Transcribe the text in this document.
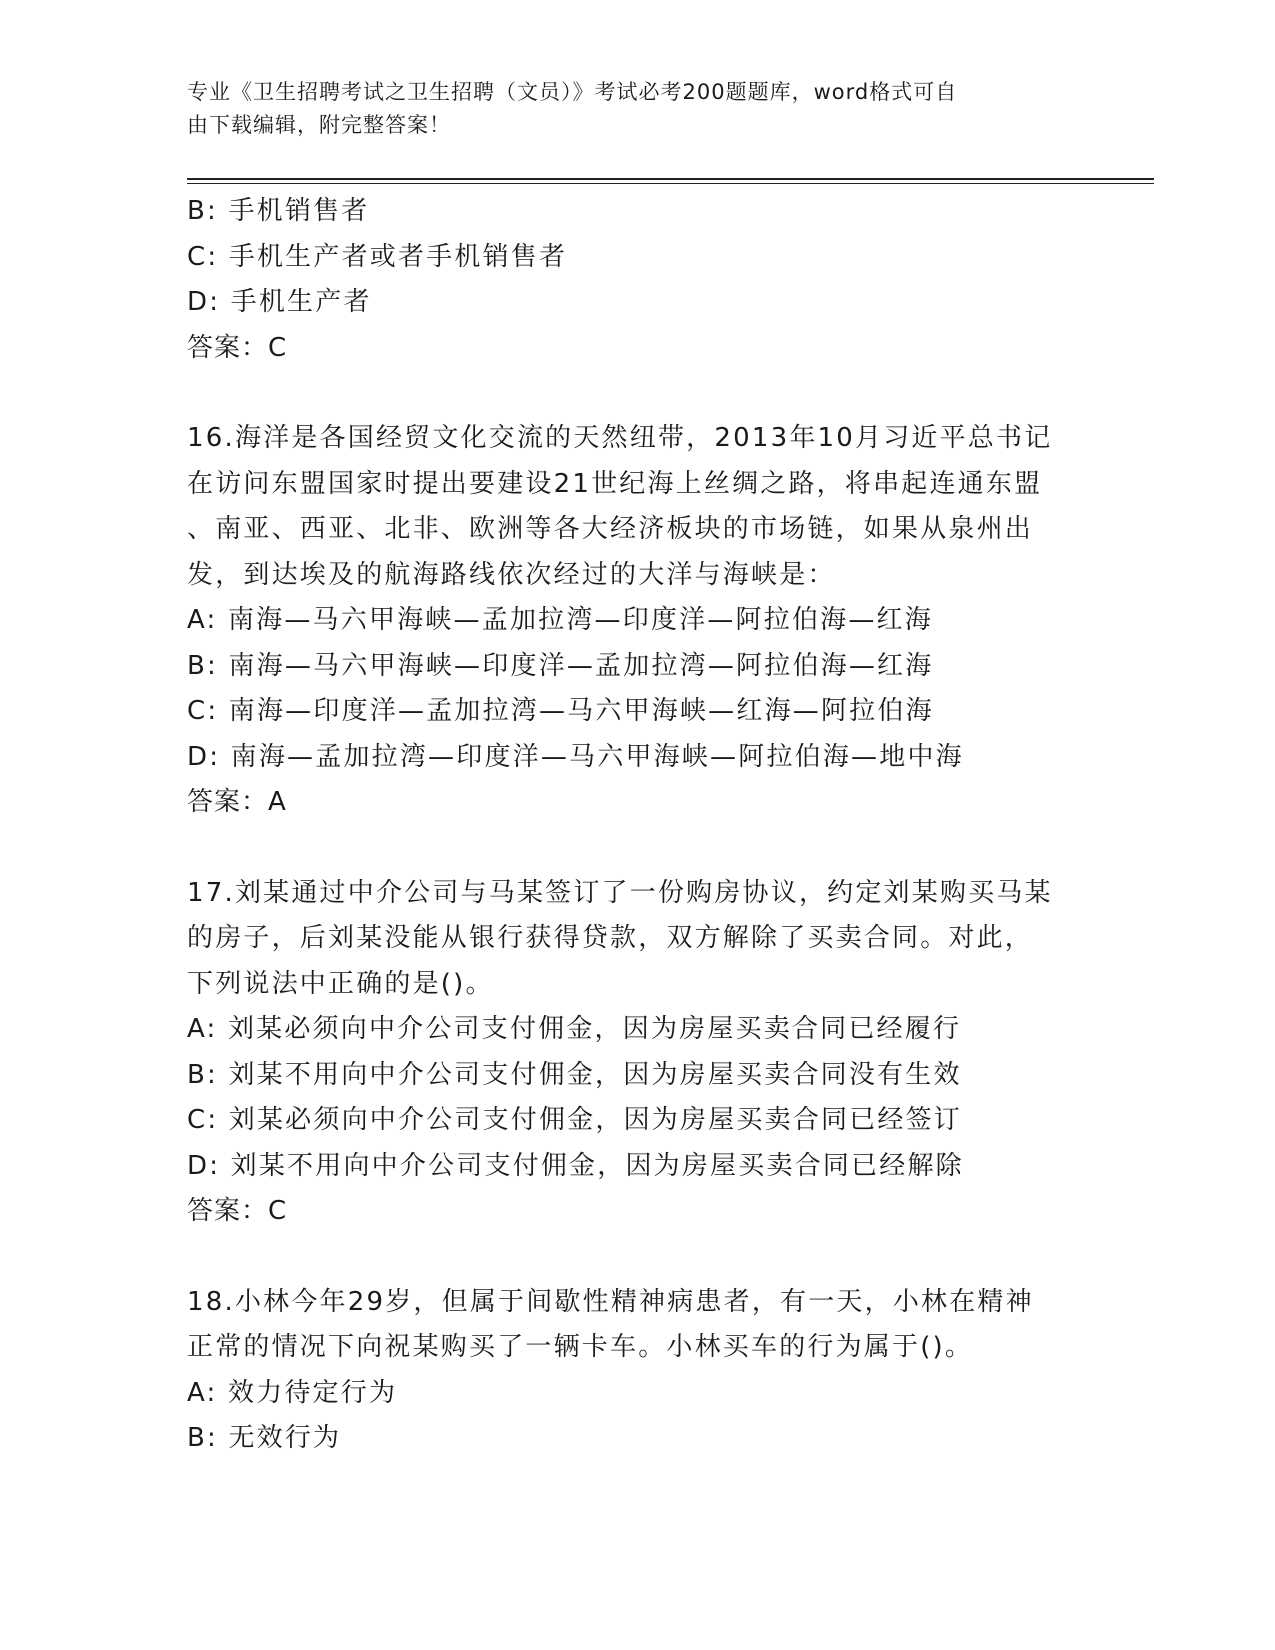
专业《卫生招聘考试之卫生招聘（文员）》考试必考200题题库，word格式可自
由下载编辑，附完整答案！
B: 手机销售者
C: 手机生产者或者手机销售者
D: 手机生产者
答案：C
16.海洋是各国经贸文化交流的天然纽带，2013年10月习近平总书记
在访问东盟国家时提出要建设21世纪海上丝绸之路，将串起连通东盟
、南亚、西亚、北非、欧洲等各大经济板块的市场链，如果从泉州出
发，到达埃及的航海路线依次经过的大洋与海峡是：
A: 南海—马六甲海峡—孟加拉湾—印度洋—阿拉伯海—红海
B: 南海—马六甲海峡—印度洋—孟加拉湾—阿拉伯海—红海
C: 南海—印度洋—孟加拉湾—马六甲海峡—红海—阿拉伯海
D: 南海—孟加拉湾—印度洋—马六甲海峡—阿拉伯海—地中海
答案：A
17.刘某通过中介公司与马某签订了一份购房协议，约定刘某购买马某
的房子，后刘某没能从银行获得贷款，双方解除了买卖合同。对此，
下列说法中正确的是()。
A: 刘某必须向中介公司支付佣金，因为房屋买卖合同已经履行
B: 刘某不用向中介公司支付佣金，因为房屋买卖合同没有生效
C: 刘某必须向中介公司支付佣金，因为房屋买卖合同已经签订
D: 刘某不用向中介公司支付佣金，因为房屋买卖合同已经解除
答案：C
18.小林今年29岁，但属于间歇性精神病患者，有一天，小林在精神
正常的情况下向祝某购买了一辆卡车。小林买车的行为属于()。
A: 效力待定行为
B: 无效行为
